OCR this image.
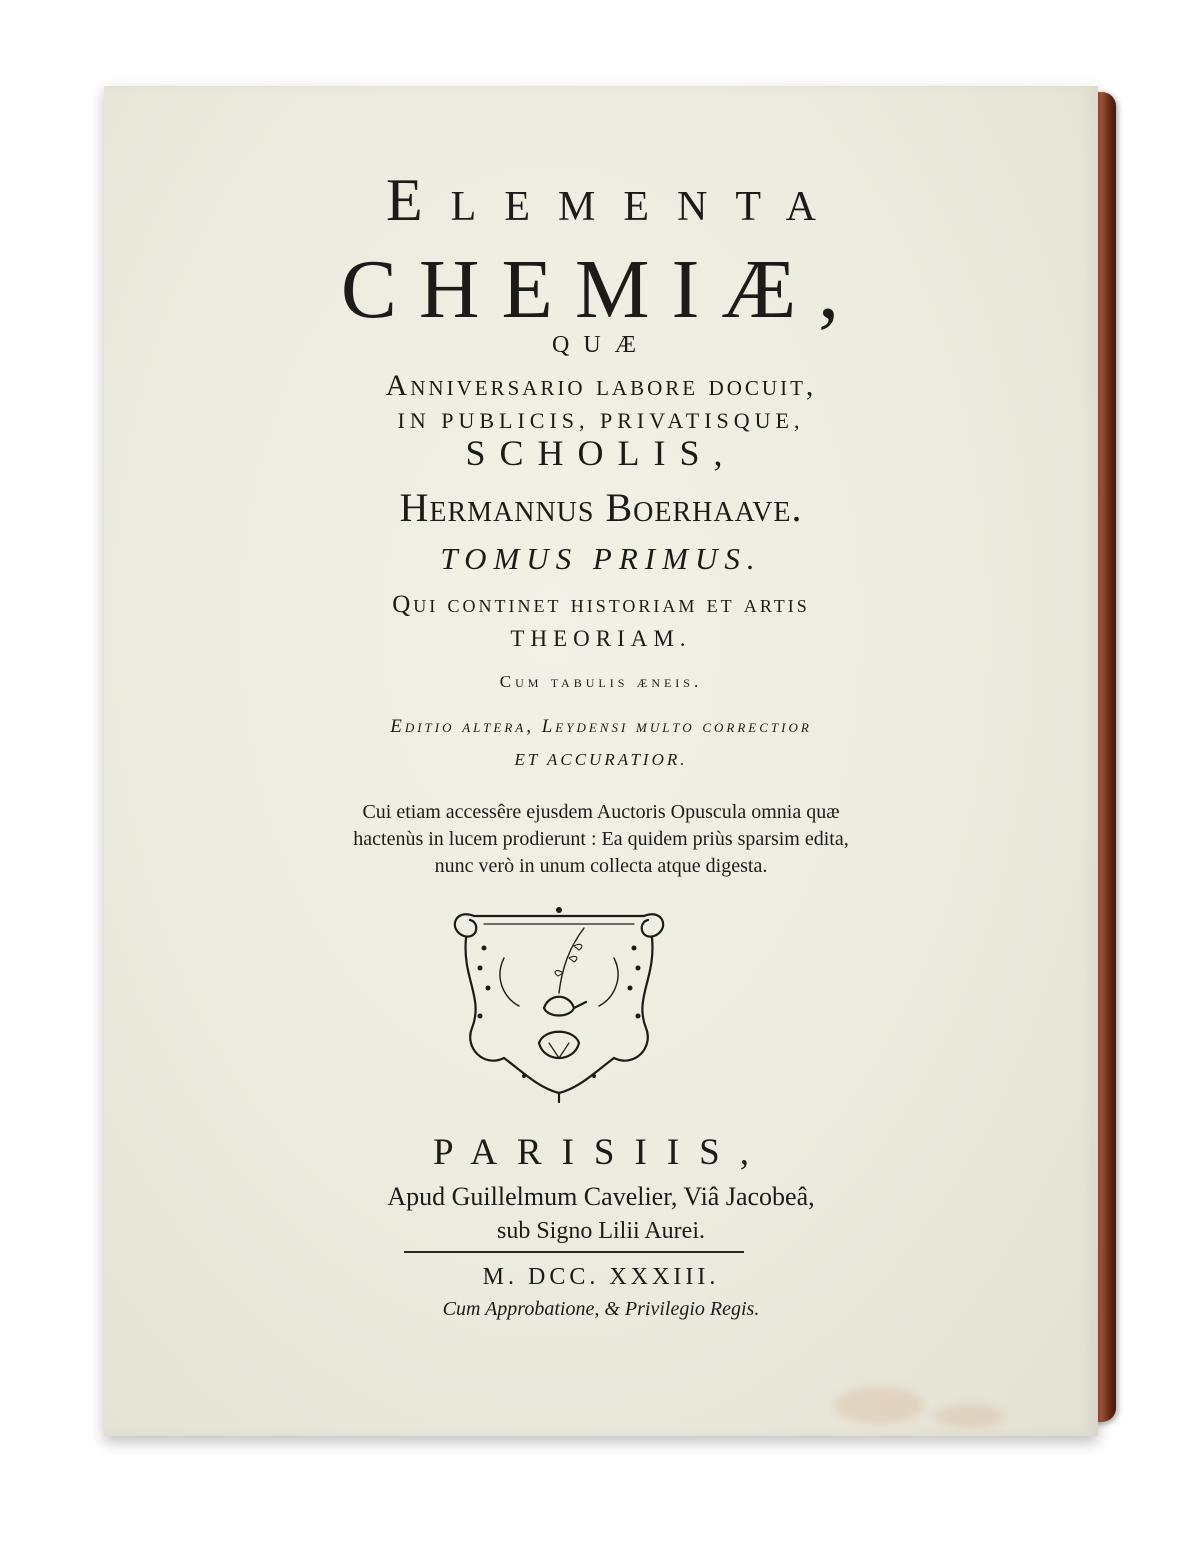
Elementa
CHEMIÆ,
QUÆ
Anniversario labore docuit,
IN PUBLICIS, PRIVATISQUE,
SCHOLIS,
Hermannus Boerhaave.
TOMUS PRIMUS.
Qui continet historiam et artis
THEORIAM.
Cum tabulis æneis.
Editio altera, Leydensi multo correctior
ET ACCURATIOR.
Cui etiam accessêre ejusdem Auctoris Opuscula omnia quæ
hactenùs in lucem prodierunt : Ea quidem priùs sparsim edita,
nunc verò in unum collecta atque digesta.
PARISIIS,
Apud Guillelmum Cavelier, Viâ Jacobeâ,
sub Signo Lilii Aurei.
M. DCC. XXXIII.
Cum Approbatione, & Privilegio Regis.
